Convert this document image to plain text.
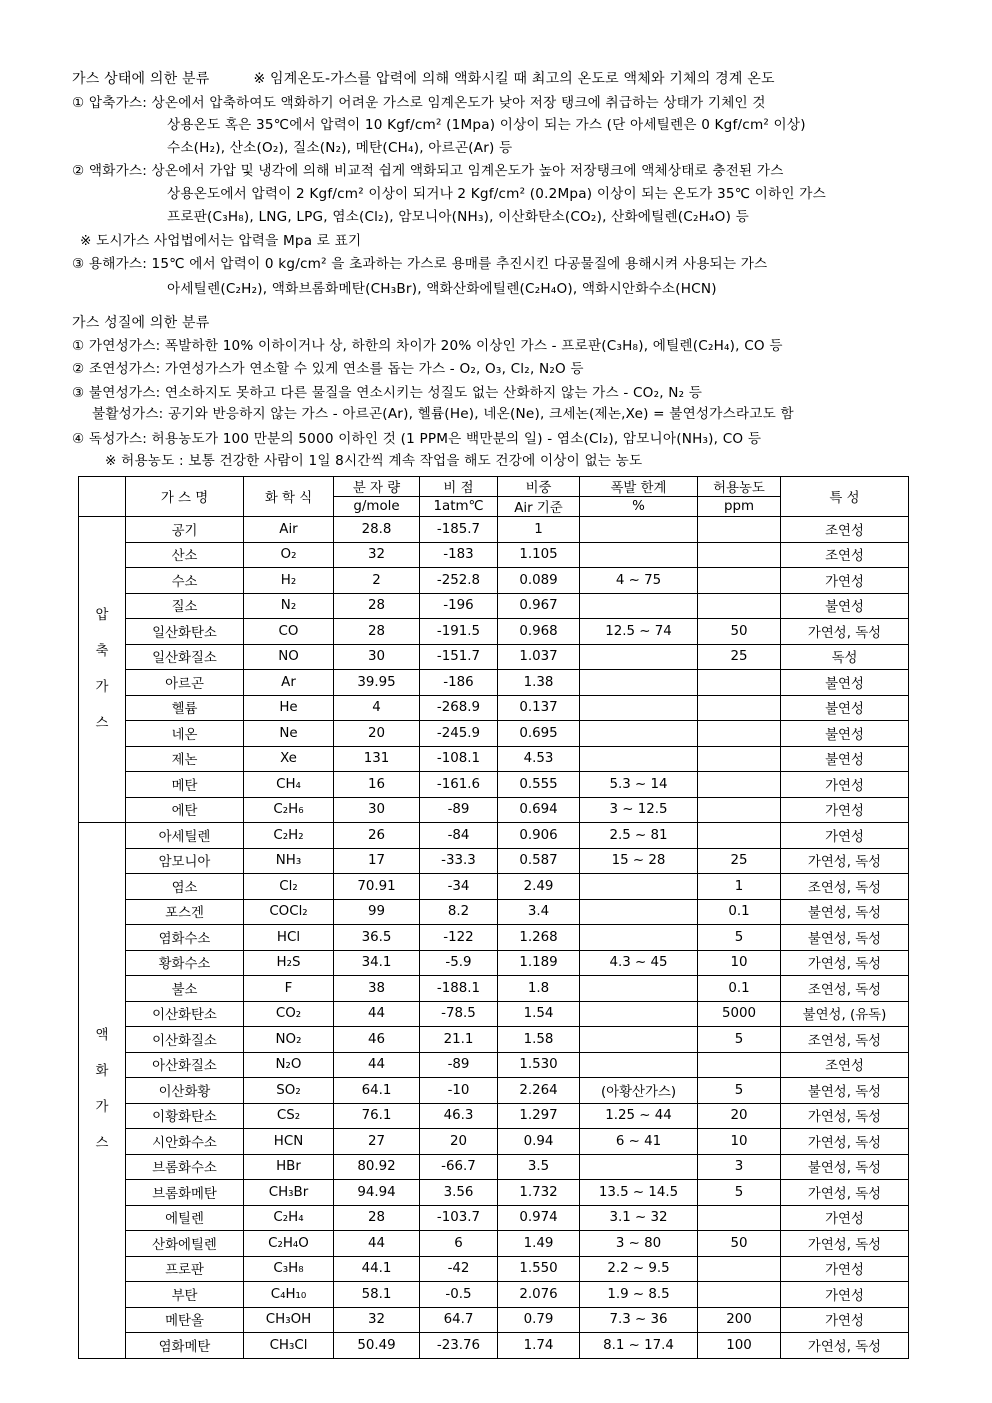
가스 상태에 의한 분류	※ 임계온도-가스를 압력에 의해 액화시킬 때 최고의 온도로 액체와 기체의 경계 온도
① 압축가스: 상온에서 압축하여도 액화하기 어려운 가스로 임계온도가 낮아 저장 탱크에 취급하는 상태가 기체인 것
상용온도 혹은 35℃에서 압력이 10 Kgf/cm² (1Mpa) 이상이 되는 가스 (단 아세틸렌은 0 Kgf/cm² 이상)
수소(H₂), 산소(O₂), 질소(N₂), 메탄(CH₄), 아르곤(Ar) 등
② 액화가스: 상온에서 가압 및 냉각에 의해 비교적 쉽게 액화되고 임계온도가 높아 저장탱크에 액체상태로 충전된 가스
상용온도에서 압력이 2 Kgf/cm² 이상이 되거나 2 Kgf/cm² (0.2Mpa) 이상이 되는 온도가 35℃ 이하인 가스
프로판(C₃H₈), LNG, LPG, 염소(Cl₂), 암모니아(NH₃), 이산화탄소(CO₂), 산화에틸렌(C₂H₄O) 등
※ 도시가스 사업법에서는 압력을 Mpa 로 표기
③ 용해가스: 15℃ 에서 압력이 0 kg/cm² 을 초과하는 가스로 용매를 추진시킨 다공물질에 용해시켜 사용되는 가스
아세틸렌(C₂H₂), 액화브롬화메탄(CH₃Br), 액화산화에틸렌(C₂H₄O), 액화시안화수소(HCN)
가스 성질에 의한 분류
① 가연성가스: 폭발하한 10% 이하이거나 상, 하한의 차이가 20% 이상인 가스 - 프로판(C₃H₈), 에틸렌(C₂H₄), CO 등
② 조연성가스: 가연성가스가 연소할 수 있게 연소를 돕는 가스 - O₂, O₃, Cl₂, N₂O 등
③ 불연성가스: 연소하지도 못하고 다른 물질을 연소시키는 성질도 없는 산화하지 않는 가스 - CO₂, N₂ 등
불활성가스: 공기와 반응하지 않는 가스 - 아르곤(Ar), 헬륨(He), 네온(Ne), 크세논(제논,Xe) = 불연성가스라고도 함
④ 독성가스: 허용농도가 100 만분의 5000 이하인 것 (1 PPM은 백만분의 일) - 염소(Cl₂), 암모니아(NH₃), CO 등
※ 허용농도 : 보통 건강한 사람이 1일 8시간씩 계속 작업을 해도 건강에 이상이 없는 농도
	가 스 명	화 학 식	분 자 량	비 점	비중	폭발 한계	허용농도	특 성
			g/mole	1atm℃	Air 기준	%	ppm	

압
축
가
스	공기	Air	28.8	-185.7	1			조연성
	산소	O₂	32	-183	1.105			조연성
	수소	H₂	2	-252.8	0.089	4 ~ 75		가연성
	질소	N₂	28	-196	0.967			불연성
	일산화탄소	CO	28	-191.5	0.968	12.5 ~ 74	50	가연성, 독성
	일산화질소	NO	30	-151.7	1.037		25	독성
	아르곤	Ar	39.95	-186	1.38			불연성
	헬륨	He	4	-268.9	0.137			불연성
	네온	Ne	20	-245.9	0.695			불연성
	제논	Xe	131	-108.1	4.53			불연성
	메탄	CH₄	16	-161.6	0.555	5.3 ~ 14		가연성
	에탄	C₂H₆	30	-89	0.694	3 ~ 12.5		가연성

액
화
가
스	아세틸렌	C₂H₂	26	-84	0.906	2.5 ~ 81		가연성
	암모니아	NH₃	17	-33.3	0.587	15 ~ 28	25	가연성, 독성
	염소	Cl₂	70.91	-34	2.49		1	조연성, 독성
	포스겐	COCl₂	99	8.2	3.4		0.1	불연성, 독성
	염화수소	HCl	36.5	-122	1.268		5	불연성, 독성
	황화수소	H₂S	34.1	-5.9	1.189	4.3 ~ 45	10	가연성, 독성
	불소	F	38	-188.1	1.8		0.1	조연성, 독성
	이산화탄소	CO₂	44	-78.5	1.54		5000	불연성, (유독)
	이산화질소	NO₂	46	21.1	1.58		5	조연성, 독성
	아산화질소	N₂O	44	-89	1.530			조연성
	이산화황	SO₂	64.1	-10	2.264	(아황산가스)	5	불연성, 독성
	이황화탄소	CS₂	76.1	46.3	1.297	1.25 ~ 44	20	가연성, 독성
	시안화수소	HCN	27	20	0.94	6 ~ 41	10	가연성, 독성
	브롬화수소	HBr	80.92	-66.7	3.5		3	불연성, 독성
	브롬화메탄	CH₃Br	94.94	3.56	1.732	13.5 ~ 14.5	5	가연성, 독성
	에틸렌	C₂H₄	28	-103.7	0.974	3.1 ~ 32		가연성
	산화에틸렌	C₂H₄O	44	6	1.49	3 ~ 80	50	가연성, 독성
	프로판	C₃H₈	44.1	-42	1.550	2.2 ~ 9.5		가연성
	부탄	C₄H₁₀	58.1	-0.5	2.076	1.9 ~ 8.5		가연성
	메탄올	CH₃OH	32	64.7	0.79	7.3 ~ 36	200	가연성
	염화메탄	CH₃Cl	50.49	-23.76	1.74	8.1 ~ 17.4	100	가연성, 독성
